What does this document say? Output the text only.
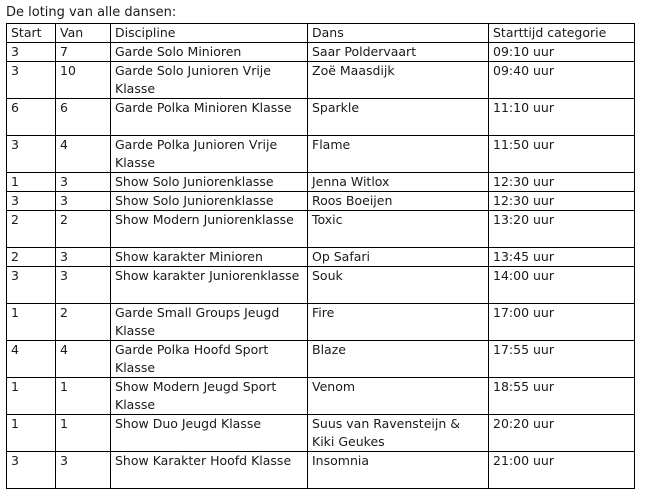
De loting van alle dansen:

Start	Van	Discipline	Dans	Starttijd categorie
3	7	Garde Solo Minioren	Saar Poldervaart	09:10 uur
3	10	Garde Solo Junioren Vrije Klasse	Zoë Maasdijk	09:40 uur
6	6	Garde Polka Minioren Klasse	Sparkle	11:10 uur
3	4	Garde Polka Junioren Vrije Klasse	Flame	11:50 uur
1	3	Show Solo Juniorenklasse	Jenna Witlox	12:30 uur
3	3	Show Solo Juniorenklasse	Roos Boeijen	12:30 uur
2	2	Show Modern Juniorenklasse	Toxic	13:20 uur
2	3	Show karakter Minioren	Op Safari	13:45 uur
3	3	Show karakter Juniorenklasse	Souk	14:00 uur
1	2	Garde Small Groups Jeugd Klasse	Fire	17:00 uur
4	4	Garde Polka Hoofd Sport Klasse	Blaze	17:55 uur
1	1	Show Modern Jeugd Sport Klasse	Venom	18:55 uur
1	1	Show Duo Jeugd Klasse	Suus van Ravensteijn & Kiki Geukes	20:20 uur
3	3	Show Karakter Hoofd Klasse	Insomnia	21:00 uur
